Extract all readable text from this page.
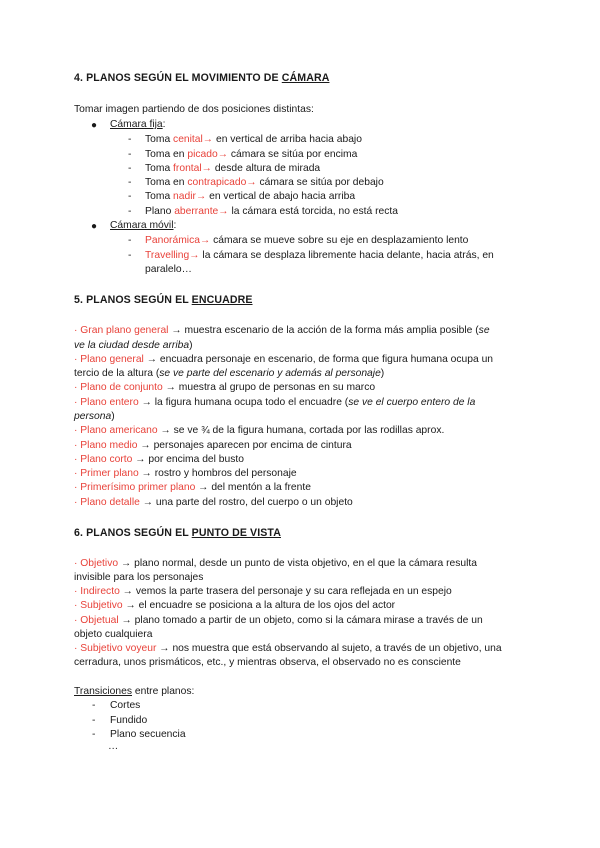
4. PLANOS SEGÚN EL MOVIMIENTO DE CÁMARA
Tomar imagen partiendo de dos posiciones distintas:
● Cámara fija:
- Toma cenital→ en vertical de arriba hacia abajo
- Toma en picado→ cámara se sitúa por encima
- Toma frontal→ desde altura de mirada
- Toma en contrapicado→ cámara se sitúa por debajo
- Toma nadir→ en vertical de abajo hacia arriba
- Plano aberrante→ la cámara está torcida, no está recta
● Cámara móvil:
- Panorámica→ cámara se mueve sobre su eje en desplazamiento lento
- Travelling→ la cámara se desplaza libremente hacia delante, hacia atrás, en
paralelo…
5. PLANOS SEGÚN EL ENCUADRE
· Gran plano general → muestra escenario de la acción de la forma más amplia posible (se
ve la ciudad desde arriba)
· Plano general → encuadra personaje en escenario, de forma que figura humana ocupa un
tercio de la altura (se ve parte del escenario y además al personaje)
· Plano de conjunto → muestra al grupo de personas en su marco
· Plano entero → la figura humana ocupa todo el encuadre (se ve el cuerpo entero de la
persona)
· Plano americano → se ve ¾ de la figura humana, cortada por las rodillas aprox.
· Plano medio → personajes aparecen por encima de cintura
· Plano corto → por encima del busto
· Primer plano → rostro y hombros del personaje
· Primerísimo primer plano → del mentón a la frente
· Plano detalle → una parte del rostro, del cuerpo o un objeto
6. PLANOS SEGÚN EL PUNTO DE VISTA
· Objetivo → plano normal, desde un punto de vista objetivo, en el que la cámara resulta
invisible para los personajes
· Indirecto → vemos la parte trasera del personaje y su cara reflejada en un espejo
· Subjetivo → el encuadre se posiciona a la altura de los ojos del actor
· Objetual → plano tomado a partir de un objeto, como si la cámara mirase a través de un
objeto cualquiera
· Subjetivo voyeur → nos muestra que está observando al sujeto, a través de un objetivo, una
cerradura, unos prismáticos, etc., y mientras observa, el observado no es consciente
Transiciones entre planos:
- Cortes
- Fundido
- Plano secuencia
…
